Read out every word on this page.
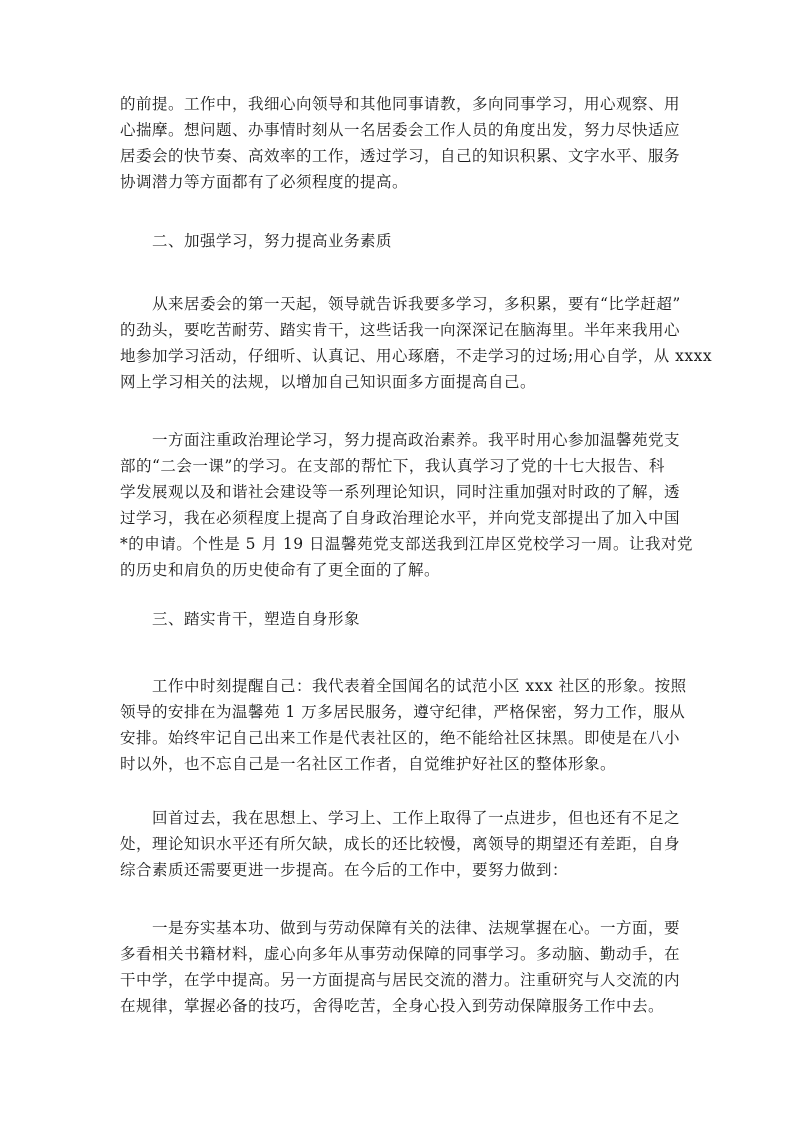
的前提。工作中，我细心向领导和其他同事请教，多向同事学习，用心观察、用
心揣摩。想问题、办事情时刻从一名居委会工作人员的角度出发，努力尽快适应
居委会的快节奏、高效率的工作，透过学习，自己的知识积累、文字水平、服务
协调潜力等方面都有了必须程度的提高。
二、加强学习，努力提高业务素质
从来居委会的第一天起，领导就告诉我要多学习，多积累，要有“比学赶超”
的劲头，要吃苦耐劳、踏实肯干，这些话我一向深深记在脑海里。半年来我用心
地参加学习活动，仔细听、认真记、用心琢磨，不走学习的过场;用心自学，从 xxxx
网上学习相关的法规，以增加自己知识面多方面提高自己。
一方面注重政治理论学习，努力提高政治素养。我平时用心参加温馨苑党支
部的“二会一课”的学习。在支部的帮忙下，我认真学习了党的十七大报告、科
学发展观以及和谐社会建设等一系列理论知识，同时注重加强对时政的了解，透
过学习，我在必须程度上提高了自身政治理论水平，并向党支部提出了加入中国
*的申请。个性是 5 月 19 日温馨苑党支部送我到江岸区党校学习一周。让我对党
的历史和肩负的历史使命有了更全面的了解。
三、踏实肯干，塑造自身形象
工作中时刻提醒自己：我代表着全国闻名的试范小区 xxx 社区的形象。按照
领导的安排在为温馨苑 1 万多居民服务，遵守纪律，严格保密，努力工作，服从
安排。始终牢记自己出来工作是代表社区的，绝不能给社区抹黑。即使是在八小
时以外，也不忘自己是一名社区工作者，自觉维护好社区的整体形象。
回首过去，我在思想上、学习上、工作上取得了一点进步，但也还有不足之
处，理论知识水平还有所欠缺，成长的还比较慢，离领导的期望还有差距，自身
综合素质还需要更进一步提高。在今后的工作中，要努力做到：
一是夯实基本功、做到与劳动保障有关的法律、法规掌握在心。一方面，要
多看相关书籍材料，虚心向多年从事劳动保障的同事学习。多动脑、勤动手，在
干中学，在学中提高。另一方面提高与居民交流的潜力。注重研究与人交流的内
在规律，掌握必备的技巧，舍得吃苦，全身心投入到劳动保障服务工作中去。
